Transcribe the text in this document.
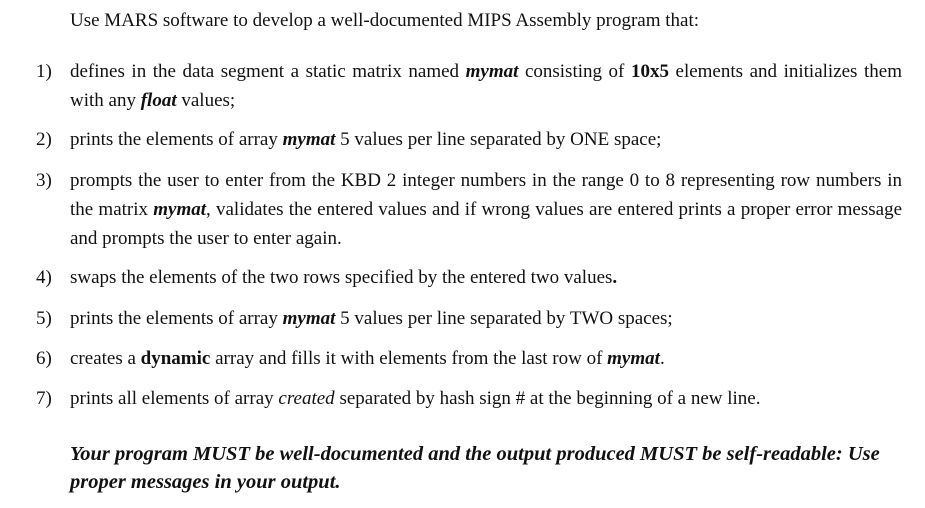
Use MARS software to develop a well-documented MIPS Assembly program that:
1) defines in the data segment a static matrix named mymat consisting of 10x5 elements and initializes them with any float values;
2) prints the elements of array mymat 5 values per line separated by ONE space;
3) prompts the user to enter from the KBD 2 integer numbers in the range 0 to 8 representing row numbers in the matrix mymat, validates the entered values and if wrong values are entered prints a proper error message and prompts the user to enter again.
4) swaps the elements of the two rows specified by the entered two values.
5) prints the elements of array mymat 5 values per line separated by TWO spaces;
6) creates a dynamic array and fills it with elements from the last row of mymat.
7) prints all elements of array created separated by hash sign # at the beginning of a new line.
Your program MUST be well-documented and the output produced MUST be self-readable: Use proper messages in your output.
